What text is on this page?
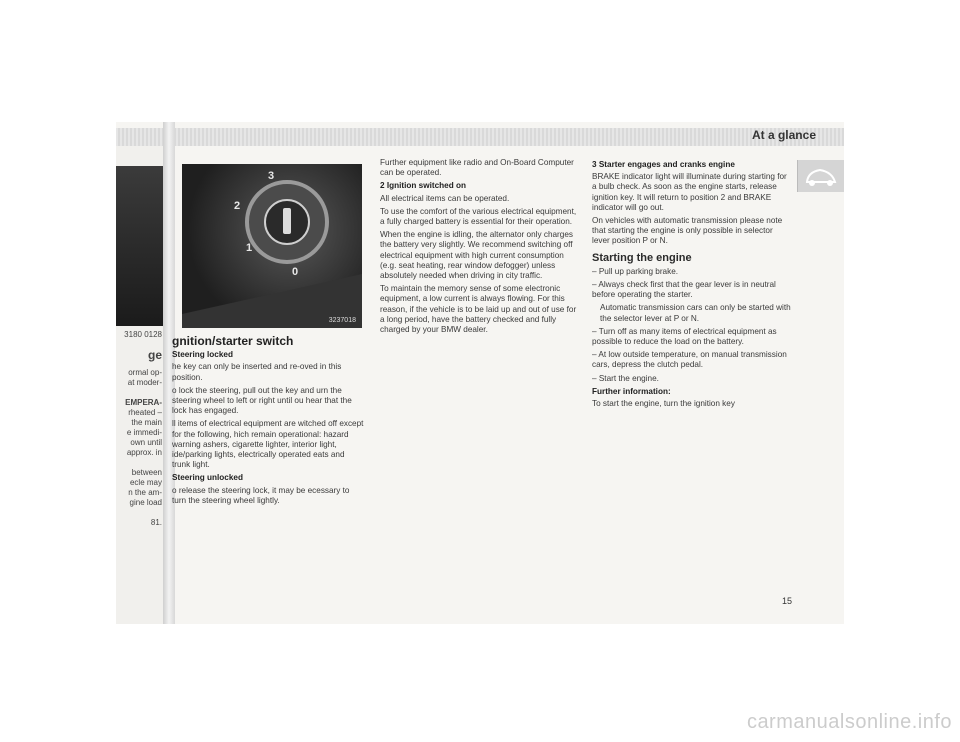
At a glance
3180 0128
ge
ormal op-
at moder-
EMPERA-
rheated –
the main
e immedi-
own until
approx. in
between
ecle may
n the am-
gine load
81.
3
2
1
0
3237018
gnition/starter switch

Steering locked

he key can only be inserted and re-oved in this position.

o lock the steering, pull out the key and urn the steering wheel to left or right until ou hear that the lock has engaged.

ll items of electrical equipment are witched off except for the following, hich remain operational: hazard warning ashers, cigarette lighter, interior light, ide/parking lights, electrically operated eats and trunk light.

Steering unlocked

o release the steering lock, it may be ecessary to turn the steering wheel lightly.

Further equipment like radio and On-Board Computer can be operated.

2 Ignition switched on

All electrical items can be operated.

To use the comfort of the various electrical equipment, a fully charged battery is essential for their operation.

When the engine is idling, the alternator only charges the battery very slightly. We recommend switching off electrical equipment with high current consumption (e.g. seat heating, rear window defogger) unless absolutely needed when driving in city traffic.

To maintain the memory sense of some electronic equipment, a low current is always flowing. For this reason, if the vehicle is to be laid up and out of use for a long period, have the battery checked and fully charged by your BMW dealer.

3 Starter engages and cranks engine

BRAKE indicator light will illuminate during starting for a bulb check. As soon as the engine starts, release ignition key. It will return to position 2 and BRAKE indicator will go out.

On vehicles with automatic transmission please note that starting the engine is only possible in selector lever position P or N.

Starting the engine

– Pull up parking brake.

– Always check first that the gear lever is in neutral before operating the starter.

Automatic transmission cars can only be started with the selector lever at P or N.

– Turn off as many items of electrical equipment as possible to reduce the load on the battery.

– At low outside temperature, on manual transmission cars, depress the clutch pedal.

– Start the engine.

Further information:

To start the engine, turn the ignition key

15
carmanualsonline.info
